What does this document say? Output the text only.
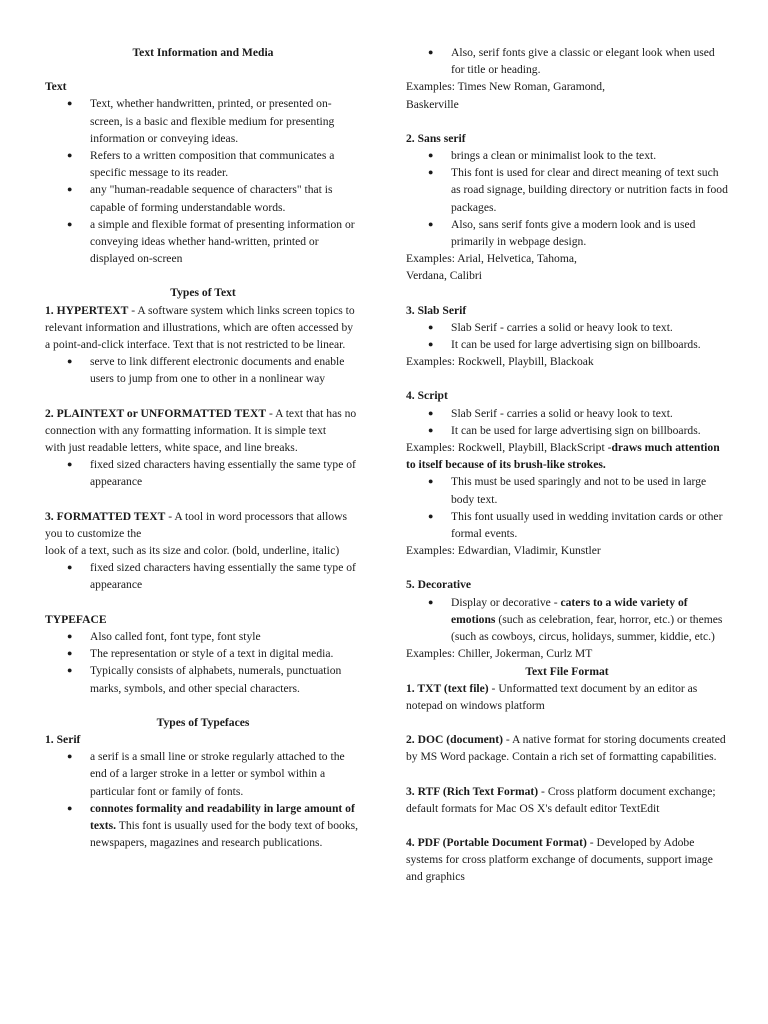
Text Information and Media

Text

● Text, whether handwritten, printed, or presented on-screen, is a basic and flexible medium for presenting information or conveying ideas.
● Refers to a written composition that communicates a specific message to its reader.
● any "human-readable sequence of characters" that is capable of forming understandable words.
● a simple and flexible format of presenting information or conveying ideas whether hand-written, printed or displayed on-screen

Types of Text

1. HYPERTEXT - A software system which links screen topics to relevant information and illustrations, which are often accessed by a point-and-click interface. Text that is not restricted to be linear.

● serve to link different electronic documents and enable users to jump from one to other in a nonlinear way

2. PLAINTEXT or UNFORMATTED TEXT - A text that has no connection with any formatting information. It is simple text

with just readable letters, white space, and line breaks.

● fixed sized characters having essentially the same type of appearance

3. FORMATTED TEXT - A tool in word processors that allows you to customize the

look of a text, such as its size and color. (bold, underline, italic)

● fixed sized characters having essentially the same type of appearance

TYPEFACE

● Also called font, font type, font style
● The representation or style of a text in digital media.
● Typically consists of alphabets, numerals, punctuation marks, symbols, and other special characters.

Types of Typefaces

1. Serif

● a serif is a small line or stroke regularly attached to the end of a larger stroke in a letter or symbol within a particular font or family of fonts.
● connotes formality and readability in large amount of texts. This font is usually used for the body text of books, newspapers, magazines and research publications.
● Also, serif fonts give a classic or elegant look when used for title or heading.

Examples: Times New Roman, Garamond,

Baskerville

2. Sans serif

● brings a clean or minimalist look to the text.
● This font is used for clear and direct meaning of text such as road signage, building directory or nutrition facts in food packages.
● Also, sans serif fonts give a modern look and is used primarily in webpage design.

Examples: Arial, Helvetica, Tahoma,

Verdana, Calibri

3. Slab Serif

● Slab Serif - carries a solid or heavy look to text.
● It can be used for large advertising sign on billboards.

Examples: Rockwell, Playbill, Blackoak

4. Script

● Slab Serif - carries a solid or heavy look to text.
● It can be used for large advertising sign on billboards.

Examples: Rockwell, Playbill, BlackScript -draws much attention to itself because of its brush-like strokes.

● This must be used sparingly and not to be used in large body text.
● This font usually used in wedding invitation cards or other formal events.

Examples: Edwardian, Vladimir, Kunstler

5. Decorative

● Display or decorative - caters to a wide variety of emotions (such as celebration, fear, horror, etc.) or themes (such as cowboys, circus, holidays, summer, kiddie, etc.)

Examples: Chiller, Jokerman, Curlz MT

Text File Format

1. TXT (text file) - Unformatted text document by an editor as notepad on windows platform

2. DOC (document) - A native format for storing documents created by MS Word package. Contain a rich set of formatting capabilities.

3. RTF (Rich Text Format) - Cross platform document exchange; default formats for Mac OS X's default editor TextEdit

4. PDF (Portable Document Format) - Developed by Adobe systems for cross platform exchange of documents, support image and graphics
